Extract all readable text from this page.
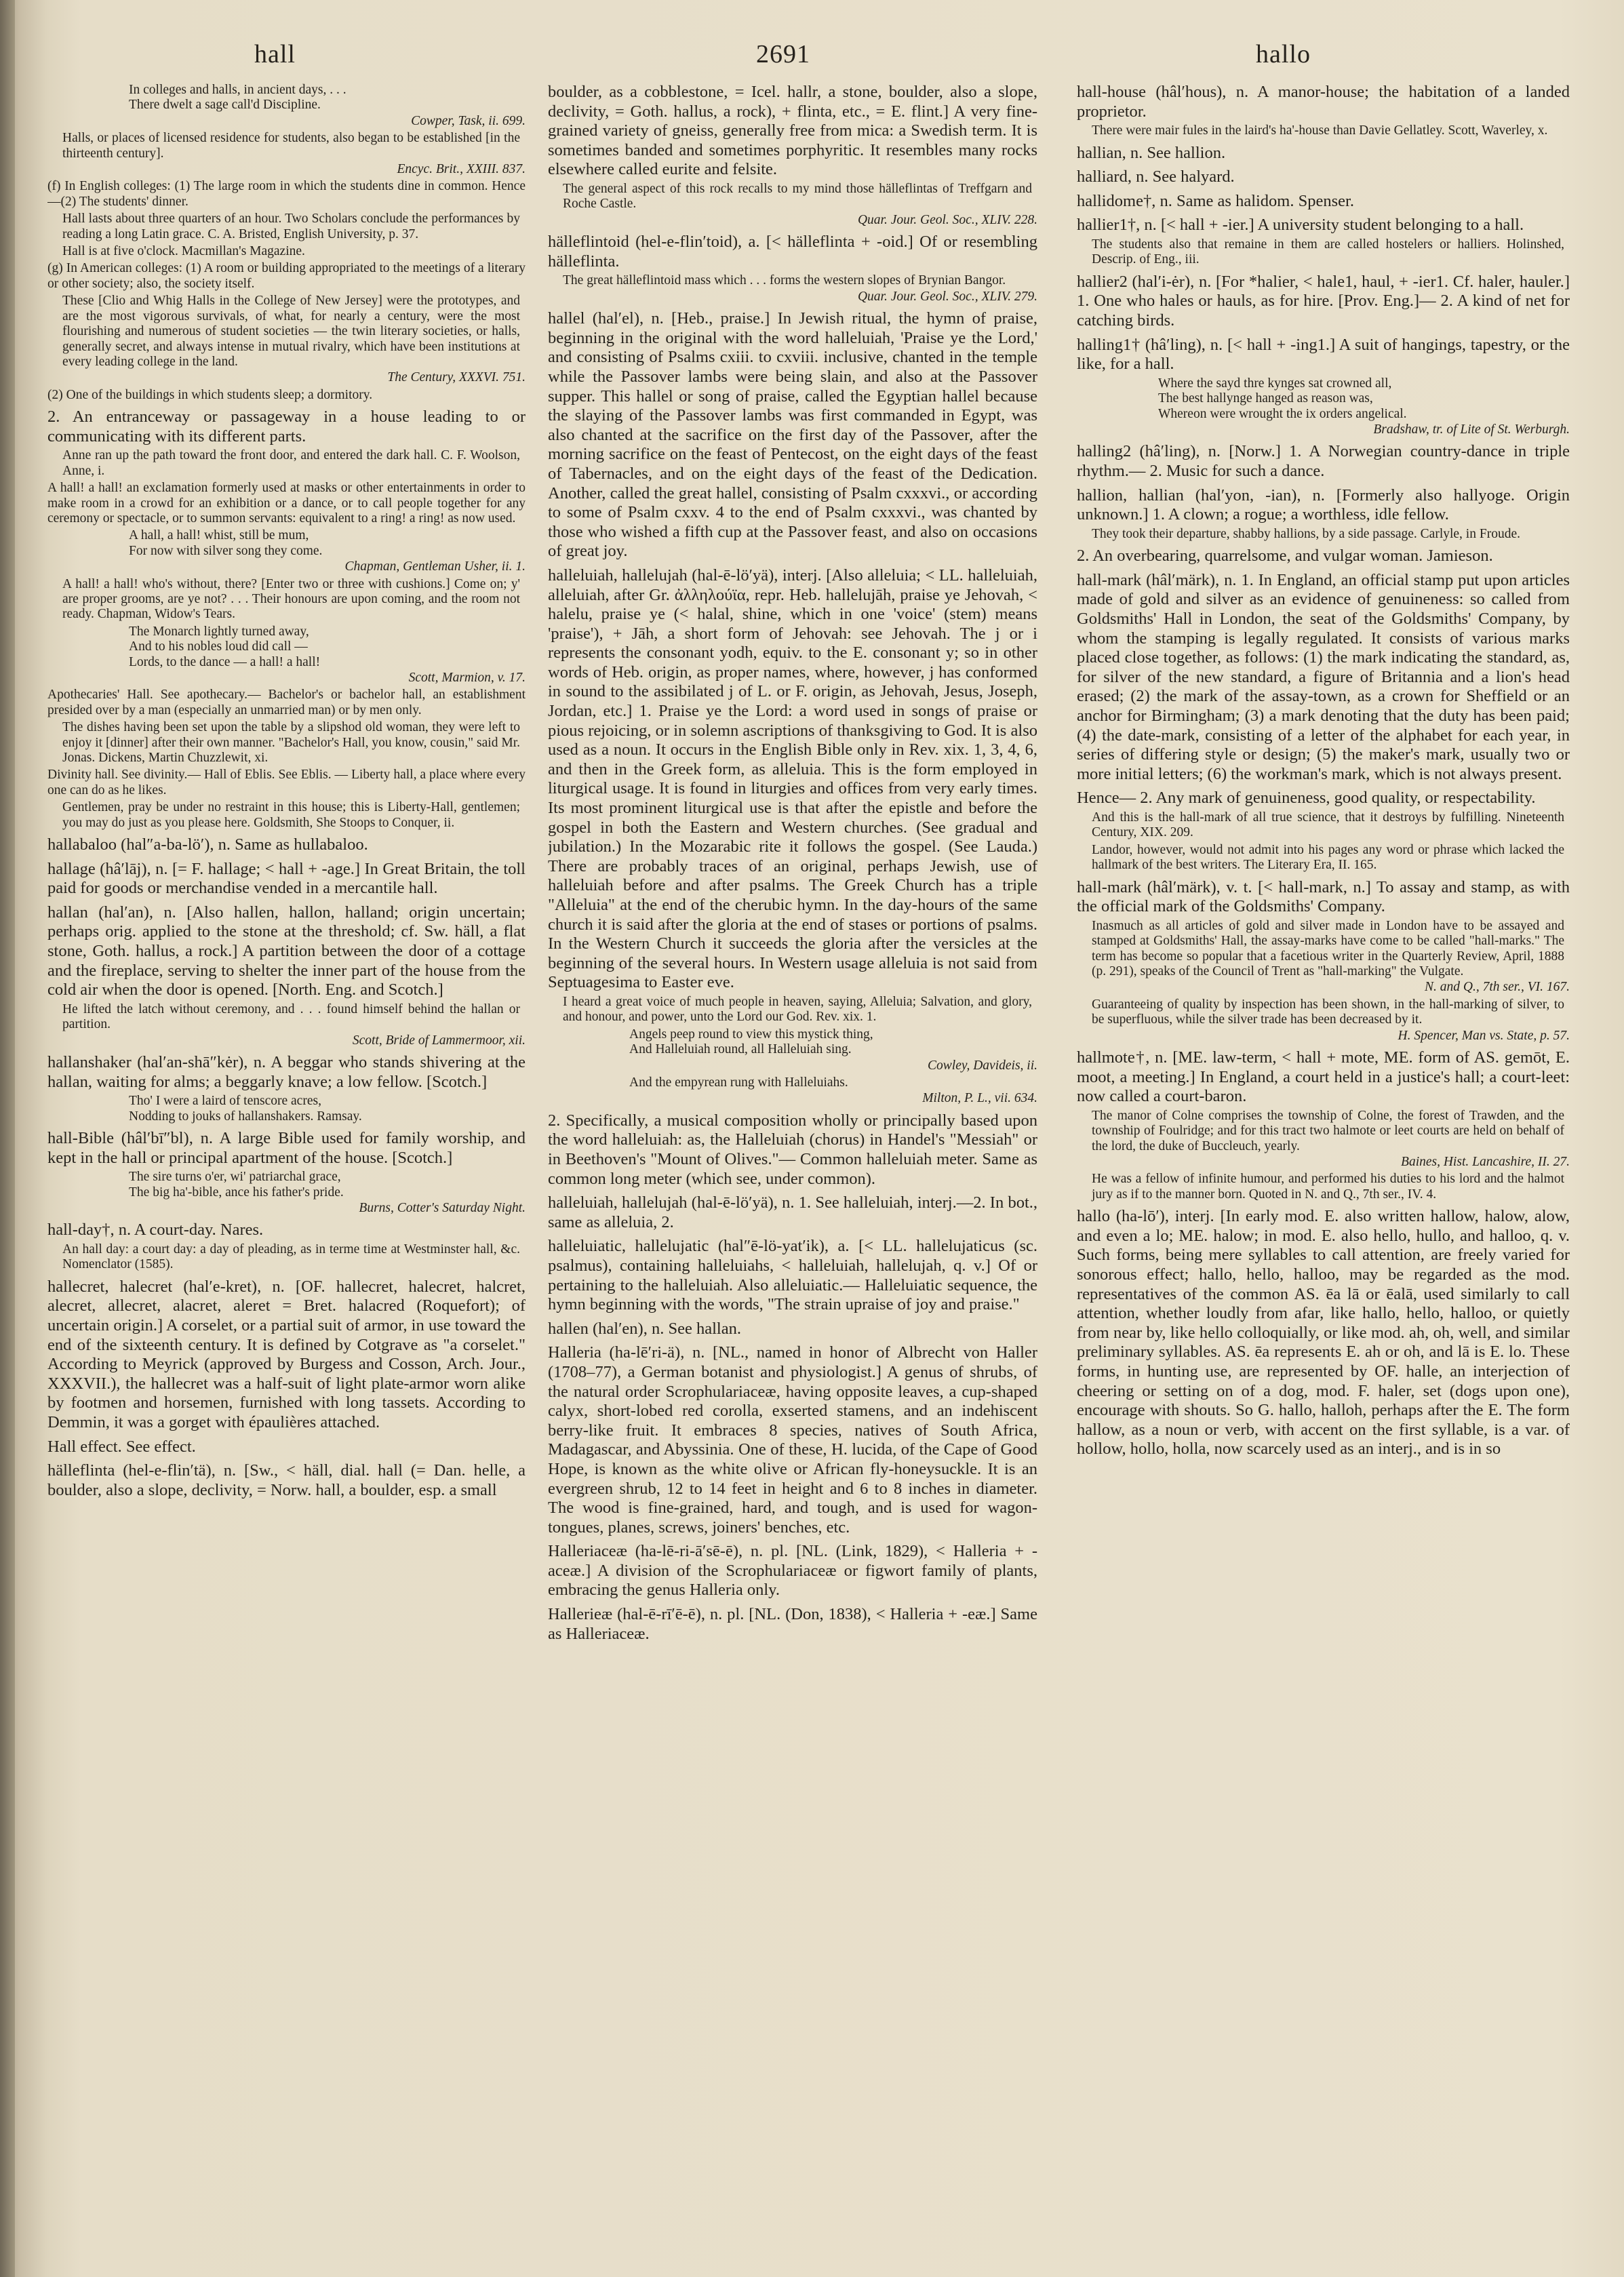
hall	2691	hallo
In colleges and halls, in ancient days, . . .
There dwelt a sage call'd Discipline.
Cowper, Task, ii. 699.
Halls, or places of licensed residence for students, also began to be established [in the thirteenth century].
Encyc. Brit., XXIII. 837.
(f) In English colleges: (1) The large room in which the students dine in common. Hence—(2) The students' dinner.
Hall lasts about three quarters of an hour. Two Scholars conclude the performances by reading a long Latin grace. C. A. Bristed, English University, p. 37.
Hall is at five o'clock. Macmillan's Magazine.
(g) In American colleges: (1) A room or building appropriated to the meetings of a literary or other society; also, the society itself.
These [Clio and Whig Halls in the College of New Jersey] were the prototypes, and are the most vigorous survivals, of what, for nearly a century, were the most flourishing and numerous of student societies — the twin literary societies, or halls, generally secret, and always intense in mutual rivalry, which have been institutions at every leading college in the land.
The Century, XXXVI. 751.
(2) One of the buildings in which students sleep; a dormitory.
2. An entranceway or passageway in a house leading to or communicating with its different parts.
Anne ran up the path toward the front door, and entered the dark hall. C. F. Woolson, Anne, i.
A hall! a hall! an exclamation formerly used at masks or other entertainments in order to make room in a crowd for an exhibition or a dance, or to call people together for any ceremony or spectacle, or to summon servants: equivalent to a ring! a ring! as now used.
A hall, a hall! whist, still be mum,
For now with silver song they come.
Chapman, Gentleman Usher, ii. 1.
A hall! a hall! who's without, there? [Enter two or three with cushions.] Come on; y' are proper grooms, are ye not? . . . Their honours are upon coming, and the room not ready. Chapman, Widow's Tears.
The Monarch lightly turned away,
And to his nobles loud did call —
Lords, to the dance — a hall! a hall!
Scott, Marmion, v. 17.
Apothecaries' Hall. See apothecary.— Bachelor's or bachelor hall, an establishment presided over by a man (especially an unmarried man) or by men only.
The dishes having been set upon the table by a slipshod old woman, they were left to enjoy it [dinner] after their own manner. "Bachelor's Hall, you know, cousin," said Mr. Jonas. Dickens, Martin Chuzzlewit, xi.
Divinity hall. See divinity.— Hall of Eblis. See Eblis. — Liberty hall, a place where every one can do as he likes.
Gentlemen, pray be under no restraint in this house; this is Liberty-Hall, gentlemen; you may do just as you please here. Goldsmith, She Stoops to Conquer, ii.
hallabaloo (hal″a-ba-lö′), n. Same as hullabaloo.
hallage (hâ′lāj), n. [= F. hallage; < hall + -age.] In Great Britain, the toll paid for goods or merchandise vended in a mercantile hall.
hallan (hal′an), n. [Also hallen, hallon, halland; origin uncertain; perhaps orig. applied to the stone at the threshold; cf. Sw. häll, a flat stone, Goth. hallus, a rock.] A partition between the door of a cottage and the fireplace, serving to shelter the inner part of the house from the cold air when the door is opened. [North. Eng. and Scotch.]
He lifted the latch without ceremony, and . . . found himself behind the hallan or partition.
Scott, Bride of Lammermoor, xii.
hallanshaker (hal′an-shā″kėr), n. A beggar who stands shivering at the hallan, waiting for alms; a beggarly knave; a low fellow. [Scotch.]
Tho' I were a laird of tenscore acres,
Nodding to jouks of hallanshakers. Ramsay.
hall-Bible (hâl′bī″bl), n. A large Bible used for family worship, and kept in the hall or principal apartment of the house. [Scotch.]
The sire turns o'er, wi' patriarchal grace,
The big ha'-bible, ance his father's pride.
Burns, Cotter's Saturday Night.
hall-day†, n. A court-day. Nares.
An hall day: a court day: a day of pleading, as in terme time at Westminster hall, &c. Nomenclator (1585).
hallecret, halecret (hal′e-kret), n. [OF. hallecret, halecret, halcret, alecret, allecret, alacret, aleret = Bret. halacred (Roquefort); of uncertain origin.] A corselet, or a partial suit of armor, in use toward the end of the sixteenth century. It is defined by Cotgrave as "a corselet." According to Meyrick (approved by Burgess and Cosson, Arch. Jour., XXXVII.), the hallecret was a half-suit of light plate-armor worn alike by footmen and horsemen, furnished with long tassets. According to Demmin, it was a gorget with épaulières attached.
Hall effect. See effect.
hälleflinta (hel-e-flin′tä), n. [Sw., < häll, dial. hall (= Dan. helle, a boulder, also a slope, declivity, = Norw. hall, a boulder, esp. a small
boulder, as a cobblestone, = Icel. hallr, a stone, boulder, also a slope, declivity, = Goth. hallus, a rock), + flinta, etc., = E. flint.] A very fine-grained variety of gneiss, generally free from mica: a Swedish term. It is sometimes banded and sometimes porphyritic. It resembles many rocks elsewhere called eurite and felsite.
The general aspect of this rock recalls to my mind those hälleflintas of Treffgarn and Roche Castle.
Quar. Jour. Geol. Soc., XLIV. 228.
hälleflintoid (hel-e-flin′toid), a. [< hälleflinta + -oid.] Of or resembling hälleflinta.
The great hälleflintoid mass which . . . forms the western slopes of Brynian Bangor.
Quar. Jour. Geol. Soc., XLIV. 279.
hallel (hal′el), n. [Heb., praise.] In Jewish ritual, the hymn of praise, beginning in the original with the word halleluiah, 'Praise ye the Lord,' and consisting of Psalms cxiii. to cxviii. inclusive, chanted in the temple while the Passover lambs were being slain, and also at the Passover supper. This hallel or song of praise, called the Egyptian hallel because the slaying of the Passover lambs was first commanded in Egypt, was also chanted at the sacrifice on the first day of the Passover, after the morning sacrifice on the feast of Pentecost, on the eight days of the feast of Tabernacles, and on the eight days of the feast of the Dedication. Another, called the great hallel, consisting of Psalm cxxxvi., or according to some of Psalm cxxv. 4 to the end of Psalm cxxxvi., was chanted by those who wished a fifth cup at the Passover feast, and also on occasions of great joy.
halleluiah, hallelujah (hal-ē-lö′yä), interj. [Also alleluia; < LL. halleluiah, alleluiah, after Gr. ἀλληλούϊα, repr. Heb. hallelujāh, praise ye Jehovah, < halelu, praise ye (< halal, shine, which in one 'voice' (stem) means 'praise'), + Jāh, a short form of Jehovah: see Jehovah. The j or i represents the consonant yodh, equiv. to the E. consonant y; so in other words of Heb. origin, as proper names, where, however, j has conformed in sound to the assibilated j of L. or F. origin, as Jehovah, Jesus, Joseph, Jordan, etc.] 1. Praise ye the Lord: a word used in songs of praise or pious rejoicing, or in solemn ascriptions of thanksgiving to God. It is also used as a noun. It occurs in the English Bible only in Rev. xix. 1, 3, 4, 6, and then in the Greek form, as alleluia. This is the form employed in liturgical usage. It is found in liturgies and offices from very early times. Its most prominent liturgical use is that after the epistle and before the gospel in both the Eastern and Western churches. (See gradual and jubilation.) In the Mozarabic rite it follows the gospel. (See Lauda.) There are probably traces of an original, perhaps Jewish, use of halleluiah before and after psalms. The Greek Church has a triple "Alleluia" at the end of the cherubic hymn. In the day-hours of the same church it is said after the gloria at the end of stases or portions of psalms. In the Western Church it succeeds the gloria after the versicles at the beginning of the several hours. In Western usage alleluia is not said from Septuagesima to Easter eve.
I heard a great voice of much people in heaven, saying, Alleluia; Salvation, and glory, and honour, and power, unto the Lord our God. Rev. xix. 1.
Angels peep round to view this mystick thing,
And Halleluiah round, all Halleluiah sing.
Cowley, Davideis, ii.
And the empyrean rung with Halleluiahs.
Milton, P. L., vii. 634.
2. Specifically, a musical composition wholly or principally based upon the word halleluiah: as, the Halleluiah (chorus) in Handel's "Messiah" or in Beethoven's "Mount of Olives."— Common halleluiah meter. Same as common long meter (which see, under common).
halleluiah, hallelujah (hal-ē-lö′yä), n. 1. See halleluiah, interj.—2. In bot., same as alleluia, 2.
halleluiatic, hallelujatic (hal″ē-lö-yat′ik), a. [< LL. hallelujaticus (sc. psalmus), containing halleluiahs, < halleluiah, hallelujah, q. v.] Of or pertaining to the halleluiah. Also alleluiatic.— Halleluiatic sequence, the hymn beginning with the words, "The strain upraise of joy and praise."
hallen (hal′en), n. See hallan.
Halleria (ha-lē′ri-ä), n. [NL., named in honor of Albrecht von Haller (1708–77), a German botanist and physiologist.] A genus of shrubs, of the natural order Scrophulariaceæ, having opposite leaves, a cup-shaped calyx, short-lobed red corolla, exserted stamens, and an indehiscent berry-like fruit. It embraces 8 species, natives of South Africa, Madagascar, and Abyssinia. One of these, H. lucida, of the Cape of Good Hope, is known as the white olive or African fly-honeysuckle. It is an evergreen shrub, 12 to 14 feet in height and 6 to 8 inches in diameter. The wood is fine-grained, hard, and tough, and is used for wagon-tongues, planes, screws, joiners' benches, etc.
Halleriaceæ (ha-lē-ri-ā′sē-ē), n. pl. [NL. (Link, 1829), < Halleria + -aceæ.] A division of the Scrophulariaceæ or figwort family of plants, embracing the genus Halleria only.
Hallerieæ (hal-ē-rī′ē-ē), n. pl. [NL. (Don, 1838), < Halleria + -eæ.] Same as Halleriaceæ.
hall-house (hâl′hous), n. A manor-house; the habitation of a landed proprietor.
There were mair fules in the laird's ha'-house than Davie Gellatley. Scott, Waverley, x.
hallian, n. See hallion.
halliard, n. See halyard.
hallidome†, n. Same as halidom. Spenser.
hallier1†, n. [< hall + -ier.] A university student belonging to a hall.
The students also that remaine in them are called hostelers or halliers. Holinshed, Descrip. of Eng., iii.
hallier2 (hal′i-ėr), n. [For *halier, < hale1, haul, + -ier1. Cf. haler, hauler.] 1. One who hales or hauls, as for hire. [Prov. Eng.]— 2. A kind of net for catching birds.
halling1† (hâ′ling), n. [< hall + -ing1.] A suit of hangings, tapestry, or the like, for a hall.
Where the sayd thre kynges sat crowned all,
The best hallynge hanged as reason was,
Whereon were wrought the ix orders angelical.
Bradshaw, tr. of Lite of St. Werburgh.
halling2 (hâ′ling), n. [Norw.] 1. A Norwegian country-dance in triple rhythm.— 2. Music for such a dance.
hallion, hallian (hal′yon, -ian), n. [Formerly also hallyoge. Origin unknown.] 1. A clown; a rogue; a worthless, idle fellow.
They took their departure, shabby hallions, by a side passage. Carlyle, in Froude.
2. An overbearing, quarrelsome, and vulgar woman. Jamieson.
hall-mark (hâl′märk), n. 1. In England, an official stamp put upon articles made of gold and silver as an evidence of genuineness: so called from Goldsmiths' Hall in London, the seat of the Goldsmiths' Company, by whom the stamping is legally regulated. It consists of various marks placed close together, as follows: (1) the mark indicating the standard, as, for silver of the new standard, a figure of Britannia and a lion's head erased; (2) the mark of the assay-town, as a crown for Sheffield or an anchor for Birmingham; (3) a mark denoting that the duty has been paid; (4) the date-mark, consisting of a letter of the alphabet for each year, in series of differing style or design; (5) the maker's mark, usually two or more initial letters; (6) the workman's mark, which is not always present.
Hence— 2. Any mark of genuineness, good quality, or respectability.
And this is the hall-mark of all true science, that it destroys by fulfilling. Nineteenth Century, XIX. 209.
Landor, however, would not admit into his pages any word or phrase which lacked the hallmark of the best writers. The Literary Era, II. 165.
hall-mark (hâl′märk), v. t. [< hall-mark, n.] To assay and stamp, as with the official mark of the Goldsmiths' Company.
Inasmuch as all articles of gold and silver made in London have to be assayed and stamped at Goldsmiths' Hall, the assay-marks have come to be called "hall-marks." The term has become so popular that a facetious writer in the Quarterly Review, April, 1888 (p. 291), speaks of the Council of Trent as "hall-marking" the Vulgate.
N. and Q., 7th ser., VI. 167.
Guaranteeing of quality by inspection has been shown, in the hall-marking of silver, to be superfluous, while the silver trade has been decreased by it.
H. Spencer, Man vs. State, p. 57.
hallmote†, n. [ME. law-term, < hall + mote, ME. form of AS. gemōt, E. moot, a meeting.] In England, a court held in a justice's hall; a court-leet: now called a court-baron.
The manor of Colne comprises the township of Colne, the forest of Trawden, and the township of Foulridge; and for this tract two halmote or leet courts are held on behalf of the lord, the duke of Buccleuch, yearly.
Baines, Hist. Lancashire, II. 27.
He was a fellow of infinite humour, and performed his duties to his lord and the halmot jury as if to the manner born. Quoted in N. and Q., 7th ser., IV. 4.
hallo (ha-lō′), interj. [In early mod. E. also written hallow, halow, alow, and even a lo; ME. halow; in mod. E. also hello, hullo, and halloo, q. v. Such forms, being mere syllables to call attention, are freely varied for sonorous effect; hallo, hello, halloo, may be regarded as the mod. representatives of the common AS. ēa lā or ēalā, used similarly to call attention, whether loudly from afar, like hallo, hello, halloo, or quietly from near by, like hello colloquially, or like mod. ah, oh, well, and similar preliminary syllables. AS. ēa represents E. ah or oh, and lā is E. lo. These forms, in hunting use, are represented by OF. halle, an interjection of cheering or setting on of a dog, mod. F. haler, set (dogs upon one), encourage with shouts. So G. hallo, halloh, perhaps after the E. The form hallow, as a noun or verb, with accent on the first syllable, is a var. of hollow, hollo, holla, now scarcely used as an interj., and is in so
